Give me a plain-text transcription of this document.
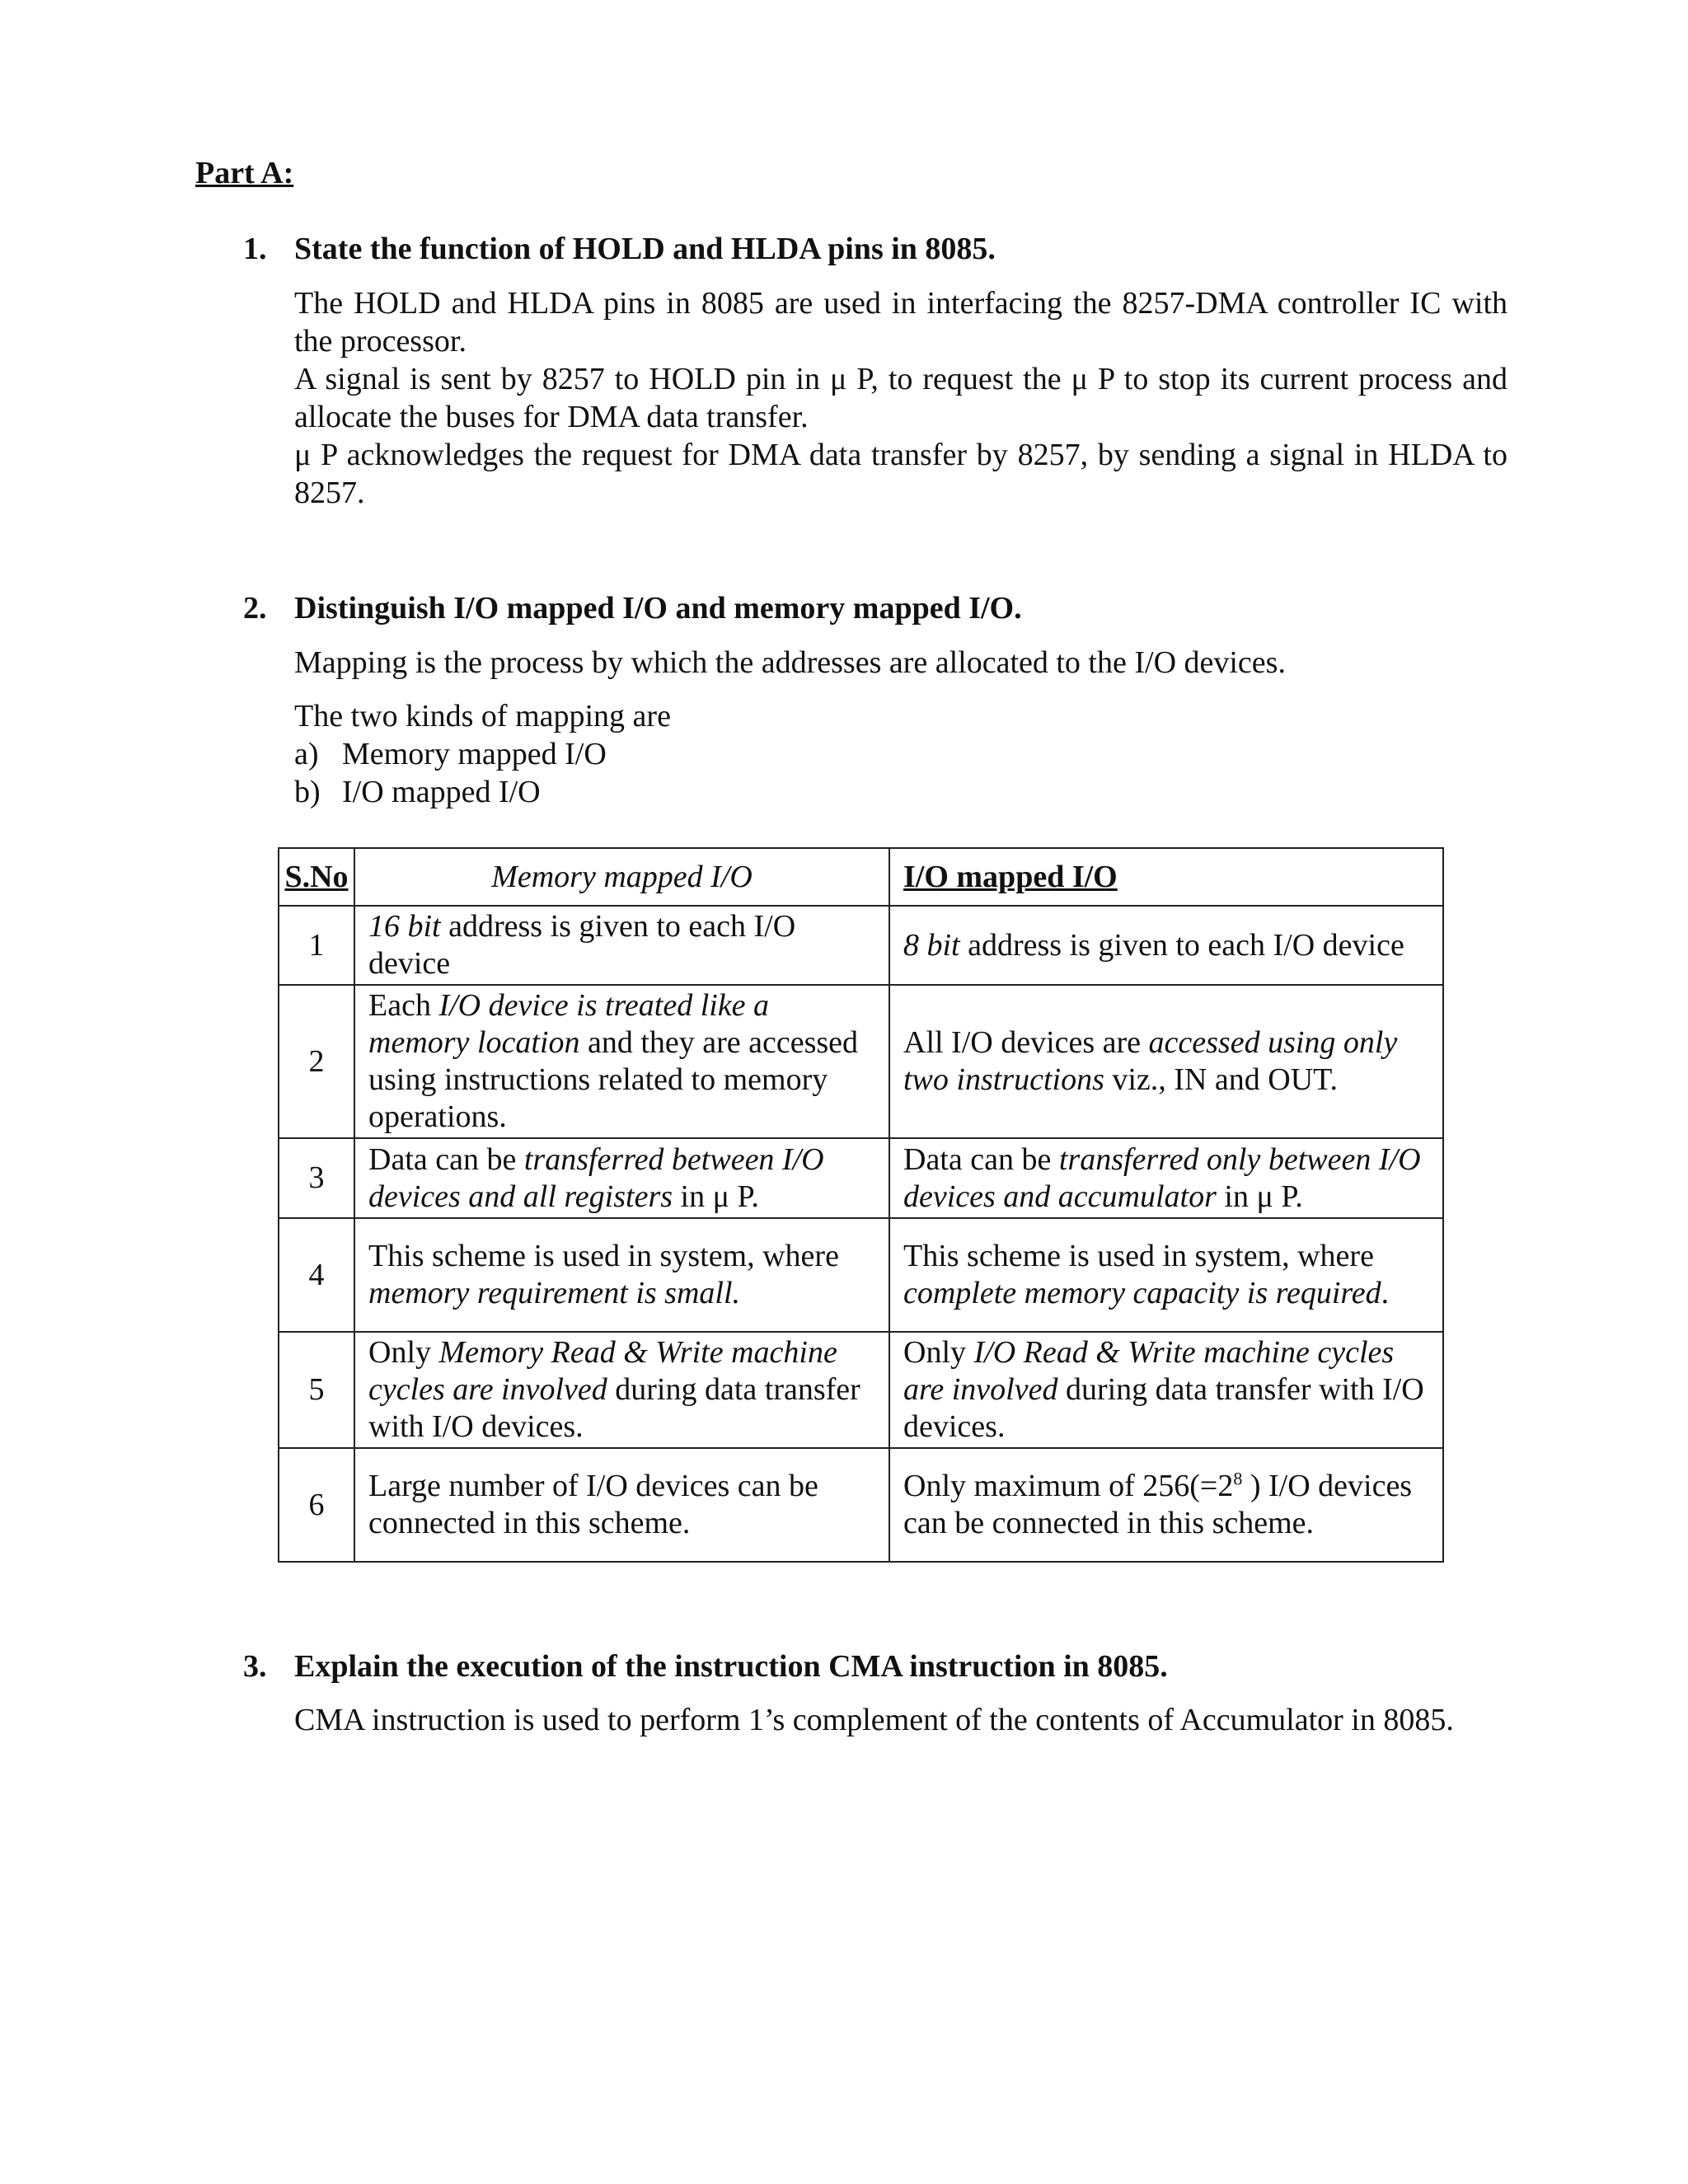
Part A:
1. State the function of HOLD and HLDA pins in 8085.

The HOLD and HLDA pins in 8085 are used in interfacing the 8257-DMA controller IC with the processor.

A signal is sent by 8257 to HOLD pin in μ P, to request the μ P to stop its current process and allocate the buses for DMA data transfer.

μ P acknowledges the request for DMA data transfer by 8257, by sending a signal in HLDA to 8257.

2. Distinguish I/O mapped I/O and memory mapped I/O.

Mapping is the process by which the addresses are allocated to the I/O devices.

The two kinds of mapping are

a) Memory mapped I/O

b) I/O mapped I/O

S.No	Memory mapped I/O	I/O mapped I/O
1	16 bit address is given to each I/O device	8 bit address is given to each I/O device
2	Each I/O device is treated like a memory location and they are accessed using instructions related to memory operations.	All I/O devices are accessed using only two instructions viz., IN and OUT.
3	Data can be transferred between I/O devices and all registers in μ P.	Data can be transferred only between I/O devices and accumulator in μ P.
4	This scheme is used in system, where memory requirement is small.	This scheme is used in system, where complete memory capacity is required.
5	Only Memory Read & Write machine cycles are involved during data transfer with I/O devices.	Only I/O Read & Write machine cycles are involved during data transfer with I/O devices.
6	Large number of I/O devices can be connected in this scheme.	Only maximum of $256(=2^8$ ) I/O devices can be connected in this scheme.
3. Explain the execution of the instruction CMA instruction in 8085.

CMA instruction is used to perform 1’s complement of the contents of Accumulator in 8085.
